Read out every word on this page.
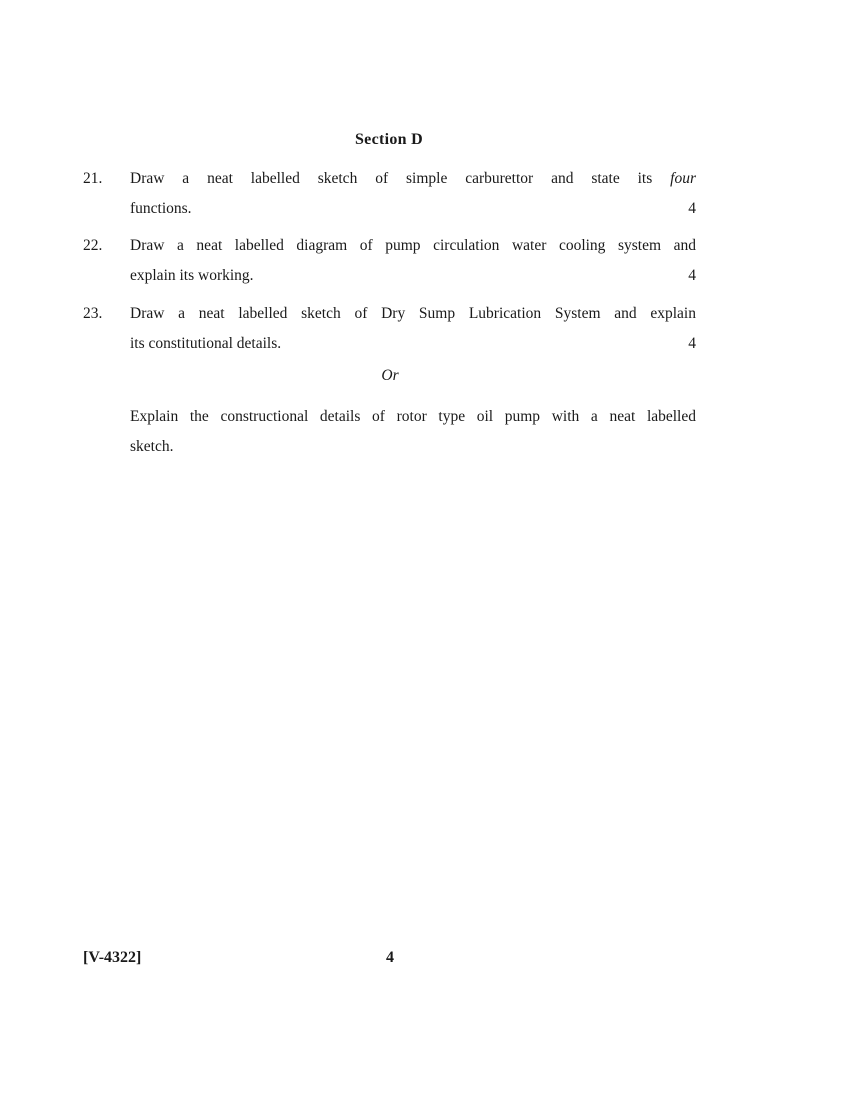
Section D
21.	Draw a neat labelled sketch of simple carburettor and state its four
functions.	4
22.	Draw a neat labelled diagram of pump circulation water cooling system and
explain its working.	4
23.	Draw a neat labelled sketch of Dry Sump Lubrication System and explain
its constitutional details.	4
Or
Explain the constructional details of rotor type oil pump with a neat labelled
sketch.
[V-4322]	4
